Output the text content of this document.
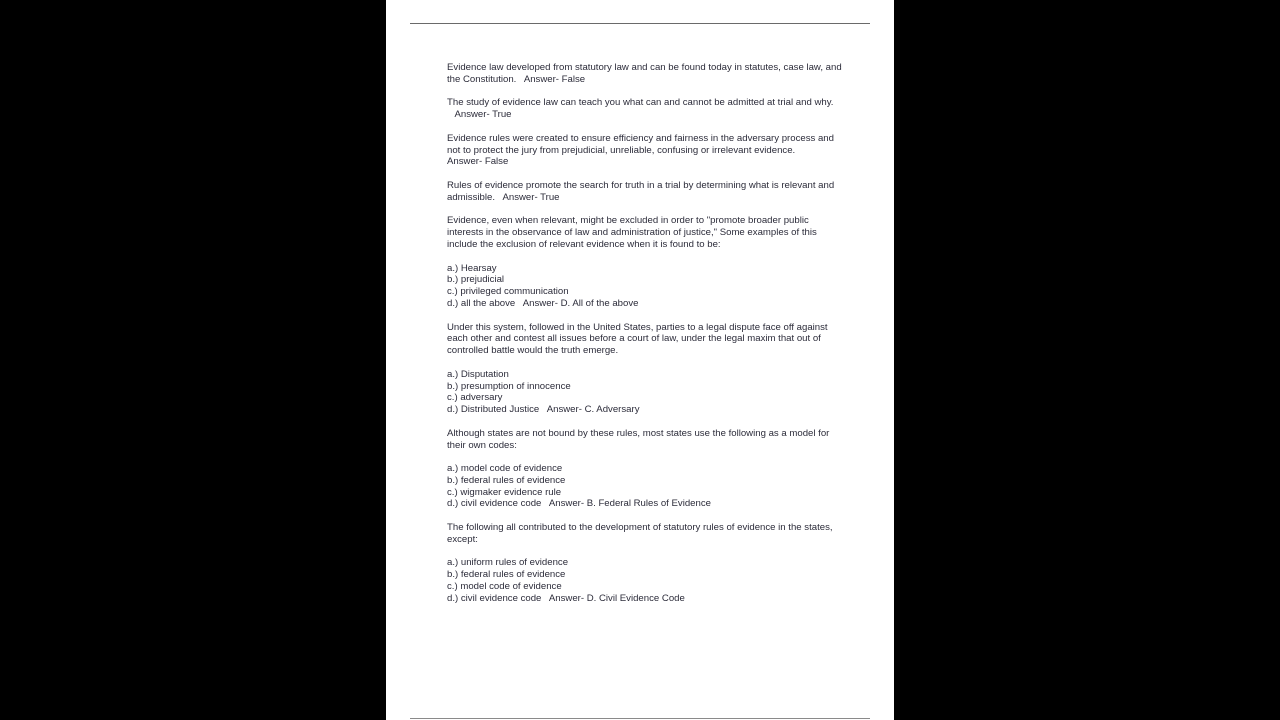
Evidence law developed from statutory law and can be found today in statutes, case law, and the Constitution. Answer- False

The study of evidence law can teach you what can and cannot be admitted at trial and why.   Answer- True

Evidence rules were created to ensure efficiency and fairness in the adversary process and not to protect the jury from prejudicial, unreliable, confusing or irrelevant evidence.
Answer- False

Rules of evidence promote the search for truth in a trial by determining what is relevant and admissible. Answer- True

Evidence, even when relevant, might be excluded in order to "promote broader public interests in the observance of law and administration of justice," Some examples of this include the exclusion of relevant evidence when it is found to be:

a.) Hearsay
b.) prejudicial
c.) privileged communication
d.) all the above Answer- D. All of the above

Under this system, followed in the United States, parties to a legal dispute face off against each other and contest all issues before a court of law, under the legal maxim that out of controlled battle would the truth emerge.

a.) Disputation
b.) presumption of innocence
c.) adversary
d.) Distributed Justice Answer- C. Adversary

Although states are not bound by these rules, most states use the following as a model for their own codes:

a.) model code of evidence
b.) federal rules of evidence
c.) wigmaker evidence rule
d.) civil evidence code Answer- B. Federal Rules of Evidence

The following all contributed to the development of statutory rules of evidence in the states, except:

a.) uniform rules of evidence
b.) federal rules of evidence
c.) model code of evidence
d.) civil evidence code Answer- D. Civil Evidence Code
